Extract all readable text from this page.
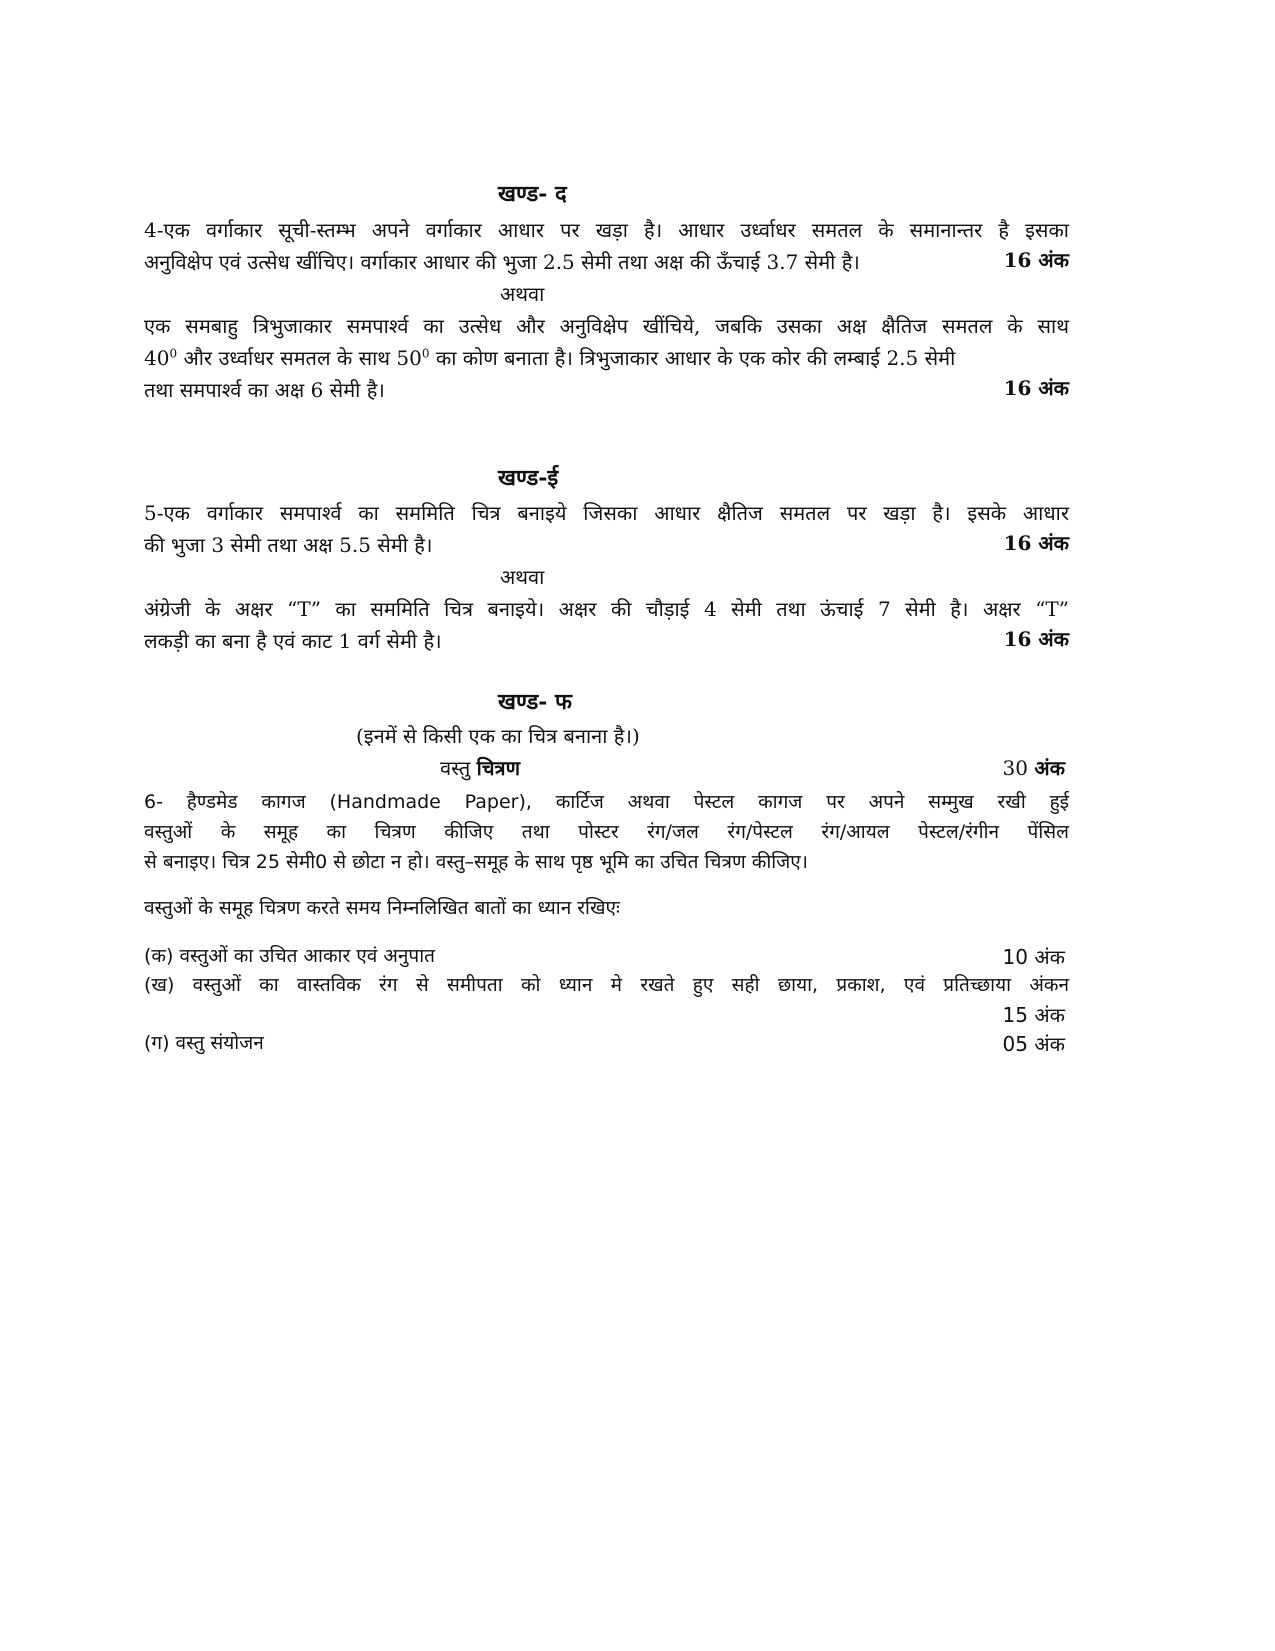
खण्ड- द
4-एक वर्गाकार सूची-स्तम्भ अपने वर्गाकार आधार पर खड़ा है। आधार उर्ध्वाधर समतल के समानान्तर है इसका
अनुविक्षेप एवं उत्सेध खींचिए। वर्गाकार आधार की भुजा 2.5 सेमी तथा अक्ष की ऊँचाई 3.7 सेमी है।	16 अंक
अथवा
एक समबाहु त्रिभुजाकार समपार्श्व का उत्सेध और अनुविक्षेप खींचिये, जबकि उसका अक्ष क्षैतिज समतल के साथ
$40^0$ और उर्ध्वाधर समतल के साथ $50^0$ का कोण बनाता है। त्रिभुजाकार आधार के एक कोर की लम्बाई 2.5 सेमी
तथा समपार्श्व का अक्ष 6 सेमी है।	16 अंक
खण्ड-ई
5-एक वर्गाकार समपार्श्व का सममिति चित्र बनाइये जिसका आधार क्षैतिज समतल पर खड़ा है। इसके आधार
की भुजा 3 सेमी तथा अक्ष 5.5 सेमी है।	16 अंक
अथवा
अंग्रेजी के अक्षर “T” का सममिति चित्र बनाइये। अक्षर की चौड़ाई 4 सेमी तथा ऊंचाई 7 सेमी है। अक्षर “T”
लकड़ी का बना है एवं काट 1 वर्ग सेमी है।	16 अंक
खण्ड- फ
(इनमें से किसी एक का चित्र बनाना है।)
वस्तु चित्रण	30 अंक
6- हैण्डमेड कागज (Handmade Paper), कार्टिज अथवा पेस्टल कागज पर अपने सम्मुख रखी हुई
वस्तुओं के समूह का चित्रण कीजिए तथा पोस्टर रंग/जल रंग/पेस्टल रंग/आयल पेस्टल/रंगीन पेंसिल
से बनाइए। चित्र 25 सेमी0 से छोटा न हो। वस्तु–समूह के साथ पृष्ठ भूमि का उचित चित्रण कीजिए।
वस्तुओं के समूह चित्रण करते समय निम्नलिखित बातों का ध्यान रखिएः
(क) वस्तुओं का उचित आकार एवं अनुपात	10 अंक
(ख) वस्तुओं का वास्तविक रंग से समीपता को ध्यान मे रखते हुए सही छाया, प्रकाश, एवं प्रतिच्छाया अंकन
15 अंक
(ग) वस्तु संयोजन	05 अंक
